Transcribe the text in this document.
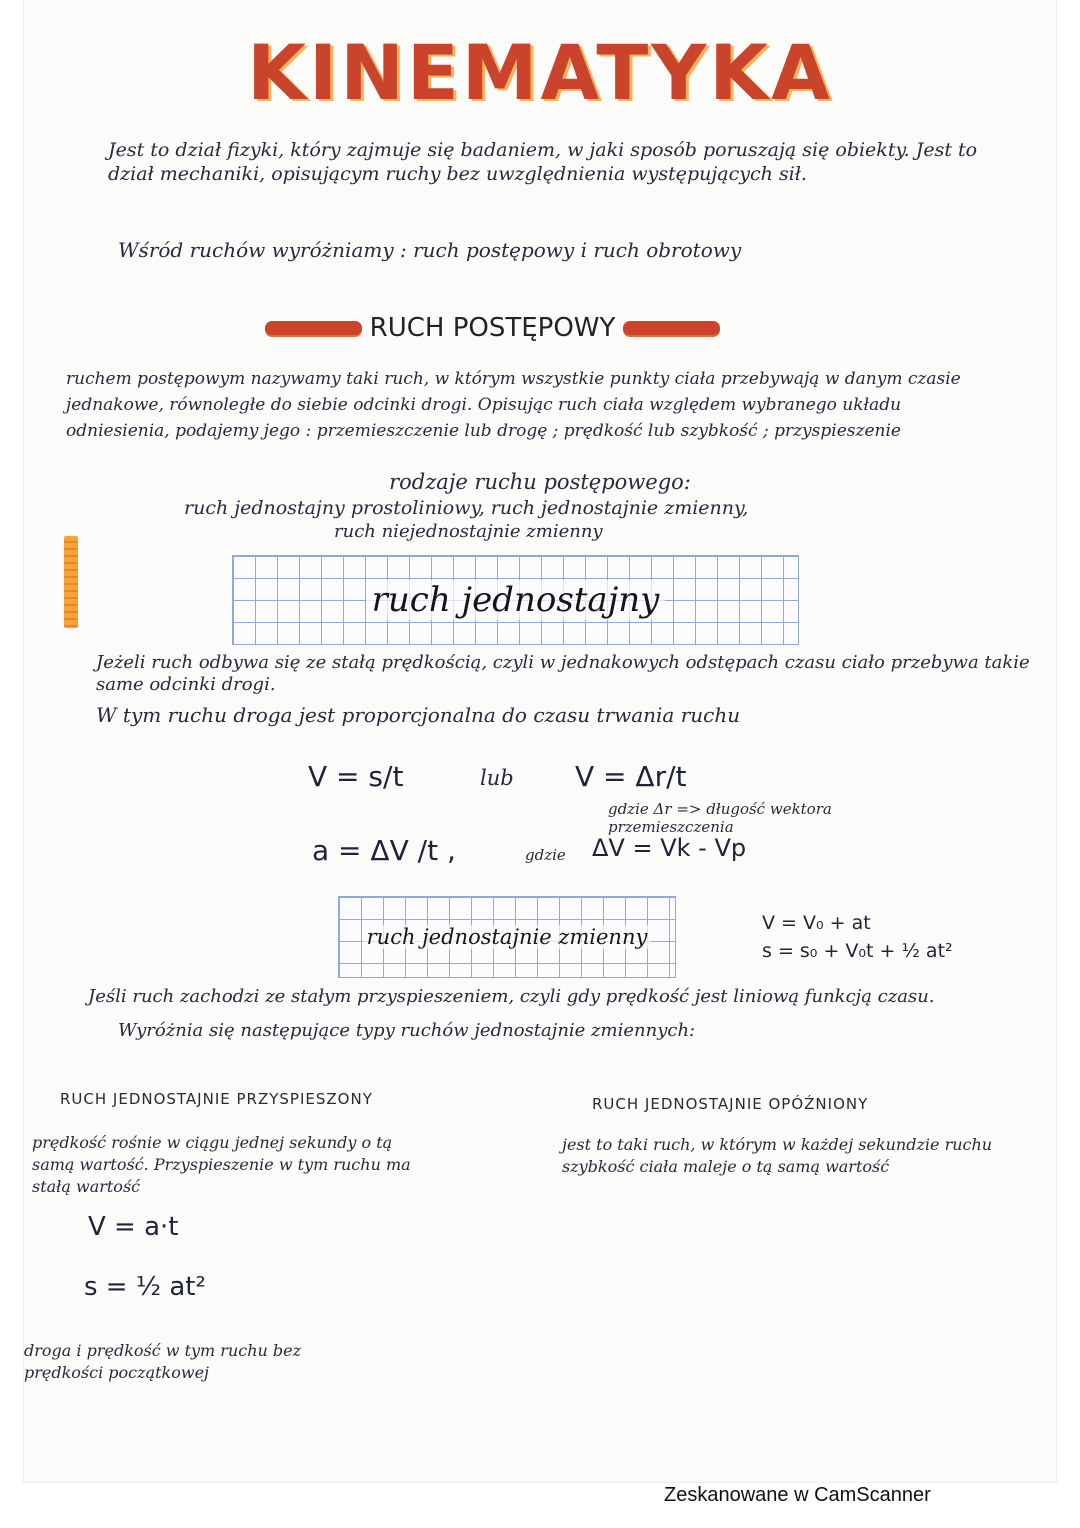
KINEMATYKA
Jest to dział fizyki, który zajmuje się badaniem, w jaki sposób poruszają się obiekty. Jest to dział mechaniki, opisującym ruchy bez uwzględnienia występujących sił.
Wśród ruchów wyróżniamy : ruch postępowy i ruch obrotowy
RUCH POSTĘPOWY
ruchem postępowym nazywamy taki ruch, w którym wszystkie punkty ciała przebywają w danym czasie jednakowe, równoległe do siebie odcinki drogi. Opisując ruch ciała względem wybranego układu odniesienia, podajemy jego : przemieszczenie lub drogę ; prędkość lub szybkość ; przyspieszenie
rodzaje ruchu postępowego:
ruch jednostajny prostoliniowy, ruch jednostajnie zmienny,
ruch niejednostajnie zmienny
ruch jednostajny
Jeżeli ruch odbywa się ze stałą prędkością, czyli w jednakowych odstępach czasu ciało przebywa takie same odcinki drogi.
W tym ruchu droga jest proporcjonalna do czasu trwania ruchu
V = s/t	lub V = Δr/t
gdzie Δr => długość wektora przemieszczenia
a = ΔV /t ,	gdzie ΔV = Vk - Vp
ruch jednostajnie zmienny
V = V₀ + at
s = s₀ + V₀t + ½ at²
Jeśli ruch zachodzi ze stałym przyspieszeniem, czyli gdy prędkość jest liniową funkcją czasu.
Wyróżnia się następujące typy ruchów jednostajnie zmiennych:
RUCH JEDNOSTAJNIE PRZYSPIESZONY
prędkość rośnie w ciągu jednej sekundy o tą samą wartość. Przyspieszenie w tym ruchu ma stałą wartość
V = a·t
s = ½ at²
droga i prędkość w tym ruchu bez prędkości początkowej
RUCH JEDNOSTAJNIE OPÓŹNIONY
jest to taki ruch, w którym w każdej sekundzie ruchu szybkość ciała maleje o tą samą wartość
Zeskanowane w CamScanner
